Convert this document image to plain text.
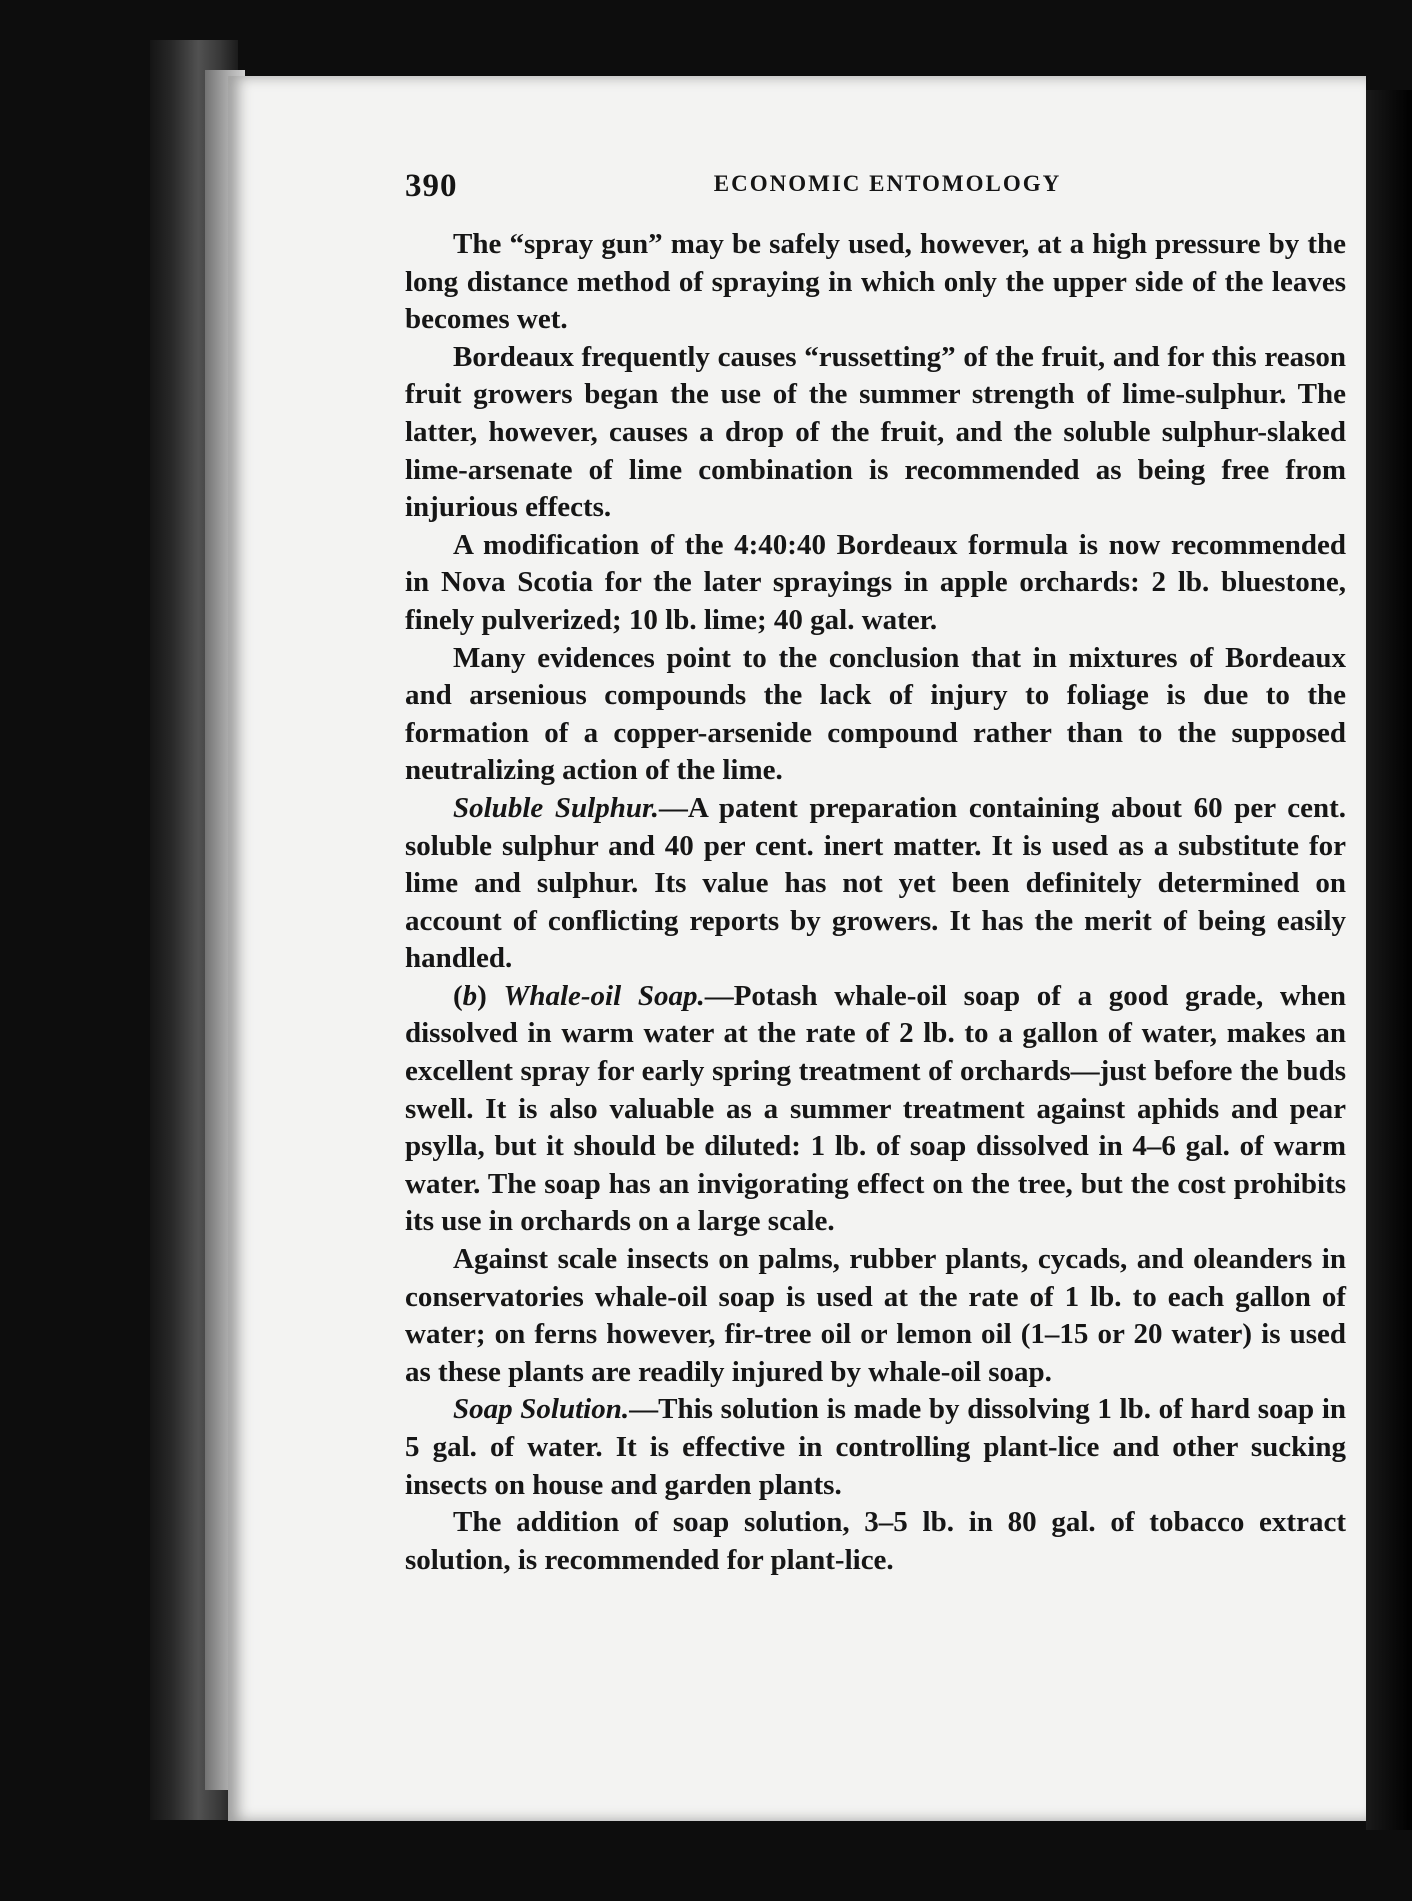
390	ECONOMIC ENTOMOLOGY

The “spray gun” may be safely used, however, at a high pressure by the long distance method of spraying in which only the upper side of the leaves becomes wet.

Bordeaux frequently causes “russetting” of the fruit, and for this reason fruit growers began the use of the summer strength of lime-sulphur. The latter, however, causes a drop of the fruit, and the soluble sulphur-slaked lime-arsenate of lime combination is recommended as being free from injurious effects.

A modification of the 4:40:40 Bordeaux formula is now recommended in Nova Scotia for the later sprayings in apple orchards: 2 lb. bluestone, finely pulverized; 10 lb. lime; 40 gal. water.

Many evidences point to the conclusion that in mixtures of Bordeaux and arsenious compounds the lack of injury to foliage is due to the formation of a copper-arsenide compound rather than to the supposed neutralizing action of the lime.

Soluble Sulphur.—A patent preparation containing about 60 per cent. soluble sulphur and 40 per cent. inert matter. It is used as a substitute for lime and sulphur. Its value has not yet been definitely determined on account of conflicting reports by growers. It has the merit of being easily handled.

(b) Whale-oil Soap.—Potash whale-oil soap of a good grade, when dissolved in warm water at the rate of 2 lb. to a gallon of water, makes an excellent spray for early spring treatment of orchards—just before the buds swell. It is also valuable as a summer treatment against aphids and pear psylla, but it should be diluted: 1 lb. of soap dissolved in 4–6 gal. of warm water. The soap has an invigorating effect on the tree, but the cost prohibits its use in orchards on a large scale.

Against scale insects on palms, rubber plants, cycads, and oleanders in conservatories whale-oil soap is used at the rate of 1 lb. to each gallon of water; on ferns however, fir-tree oil or lemon oil (1–15 or 20 water) is used as these plants are readily injured by whale-oil soap.

Soap Solution.—This solution is made by dissolving 1 lb. of hard soap in 5 gal. of water. It is effective in controlling plant-lice and other sucking insects on house and garden plants.

The addition of soap solution, 3–5 lb. in 80 gal. of tobacco extract solution, is recommended for plant-lice.
